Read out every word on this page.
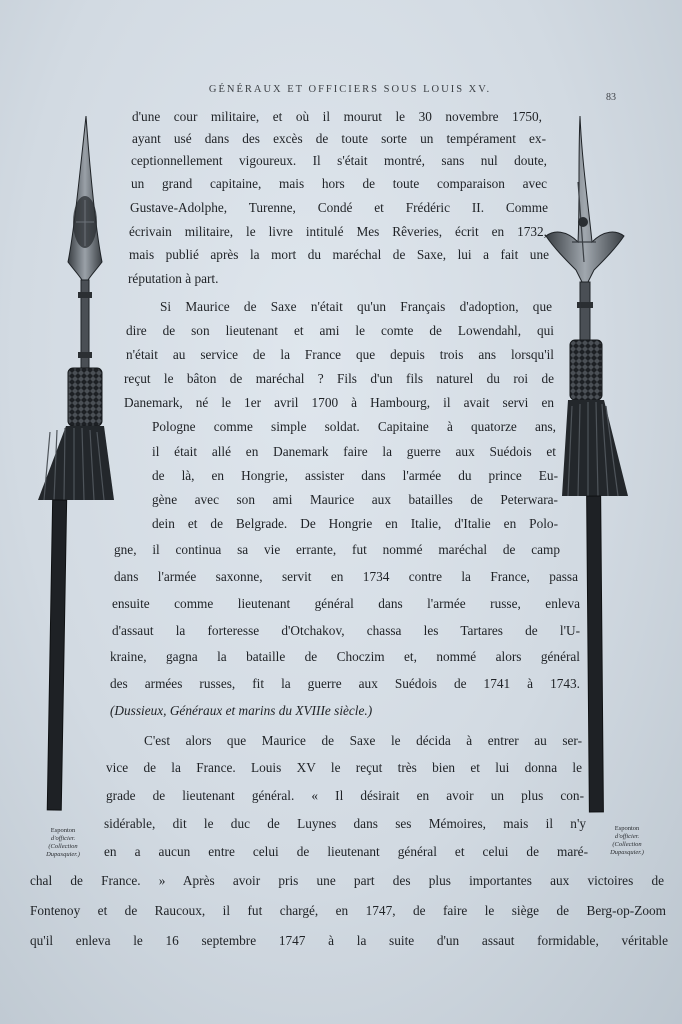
GÉNÉRAUX ET OFFICIERS SOUS LOUIS XV.
83
Esponton
d'officier.
(Collection
Dupasquier.)
Esponton
d'officier.
(Collection
Dupasquier.)
d'une cour militaire, et où il mourut le 30 novembre 1750,
ayant usé dans des excès de toute sorte un tempérament ex-
ceptionnellement vigoureux. Il s'était montré, sans nul doute,
un grand capitaine, mais hors de toute comparaison avec
Gustave-Adolphe, Turenne, Condé et Frédéric II. Comme
écrivain militaire, le livre intitulé Mes Rêveries, écrit en 1732,
mais publié après la mort du maréchal de Saxe, lui a fait une
réputation à part.
Si Maurice de Saxe n'était qu'un Français d'adoption, que
dire de son lieutenant et ami le comte de Lowendahl, qui
n'était au service de la France que depuis trois ans lorsqu'il
reçut le bâton de maréchal ? Fils d'un fils naturel du roi de
Danemark, né le 1er avril 1700 à Hambourg, il avait servi en
Pologne comme simple soldat. Capitaine à quatorze ans,
il était allé en Danemark faire la guerre aux Suédois et
de là, en Hongrie, assister dans l'armée du prince Eu-
gène avec son ami Maurice aux batailles de Peterwara-
dein et de Belgrade. De Hongrie en Italie, d'Italie en Polo-
gne, il continua sa vie errante, fut nommé maréchal de camp
dans l'armée saxonne, servit en 1734 contre la France, passa
ensuite comme lieutenant général dans l'armée russe, enleva
d'assaut la forteresse d'Otchakov, chassa les Tartares de l'U-
kraine, gagna la bataille de Choczim et, nommé alors général
des armées russes, fit la guerre aux Suédois de 1741 à 1743.
(Dussieux, Généraux et marins du XVIIIe siècle.)
C'est alors que Maurice de Saxe le décida à entrer au ser-
vice de la France. Louis XV le reçut très bien et lui donna le
grade de lieutenant général. « Il désirait en avoir un plus con-
sidérable, dit le duc de Luynes dans ses Mémoires, mais il n'y
en a aucun entre celui de lieutenant général et celui de maré-
chal de France. » Après avoir pris une part des plus importantes aux victoires de
Fontenoy et de Raucoux, il fut chargé, en 1747, de faire le siège de Berg-op-Zoom
qu'il enleva le 16 septembre 1747 à la suite d'un assaut formidable, véritable
